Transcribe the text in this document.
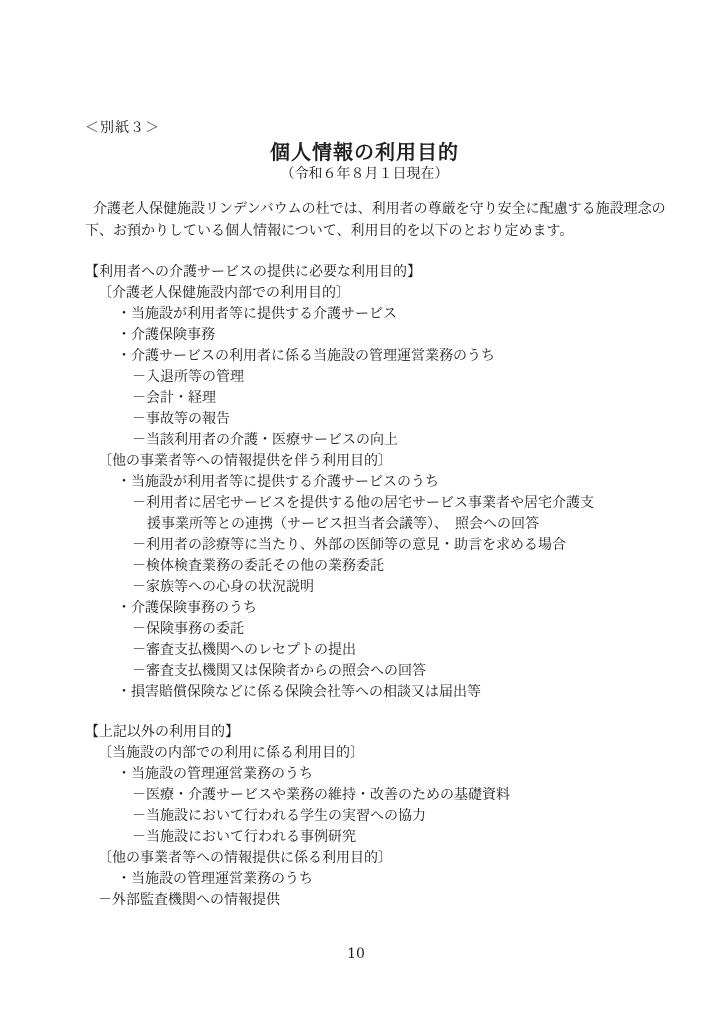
＜別紙３＞
個人情報の利用目的
（令和６年８月１日現在）
介護老人保健施設リンデンバウムの杜では、利用者の尊厳を守り安全に配慮する施設理念の
下、お預かりしている個人情報について、利用目的を以下のとおり定めます。
【利用者への介護サービスの提供に必要な利用目的】
〔介護老人保健施設内部での利用目的〕
・当施設が利用者等に提供する介護サービス
・介護保険事務
・介護サービスの利用者に係る当施設の管理運営業務のうち
－入退所等の管理
－会計・経理
－事故等の報告
－当該利用者の介護・医療サービスの向上
〔他の事業者等への情報提供を伴う利用目的〕
・当施設が利用者等に提供する介護サービスのうち
－利用者に居宅サービスを提供する他の居宅サービス事業者や居宅介護支
援事業所等との連携（サービス担当者会議等）、　照会への回答
－利用者の診療等に当たり、外部の医師等の意見・助言を求める場合
－検体検査業務の委託その他の業務委託
－家族等への心身の状況説明
・介護保険事務のうち
－保険事務の委託
－審査支払機関へのレセプトの提出
－審査支払機関又は保険者からの照会への回答
・損害賠償保険などに係る保険会社等への相談又は届出等
【上記以外の利用目的】
〔当施設の内部での利用に係る利用目的〕
・当施設の管理運営業務のうち
－医療・介護サービスや業務の維持・改善のための基礎資料
－当施設において行われる学生の実習への協力
－当施設において行われる事例研究
〔他の事業者等への情報提供に係る利用目的〕
・当施設の管理運営業務のうち
－外部監査機関への情報提供
10
